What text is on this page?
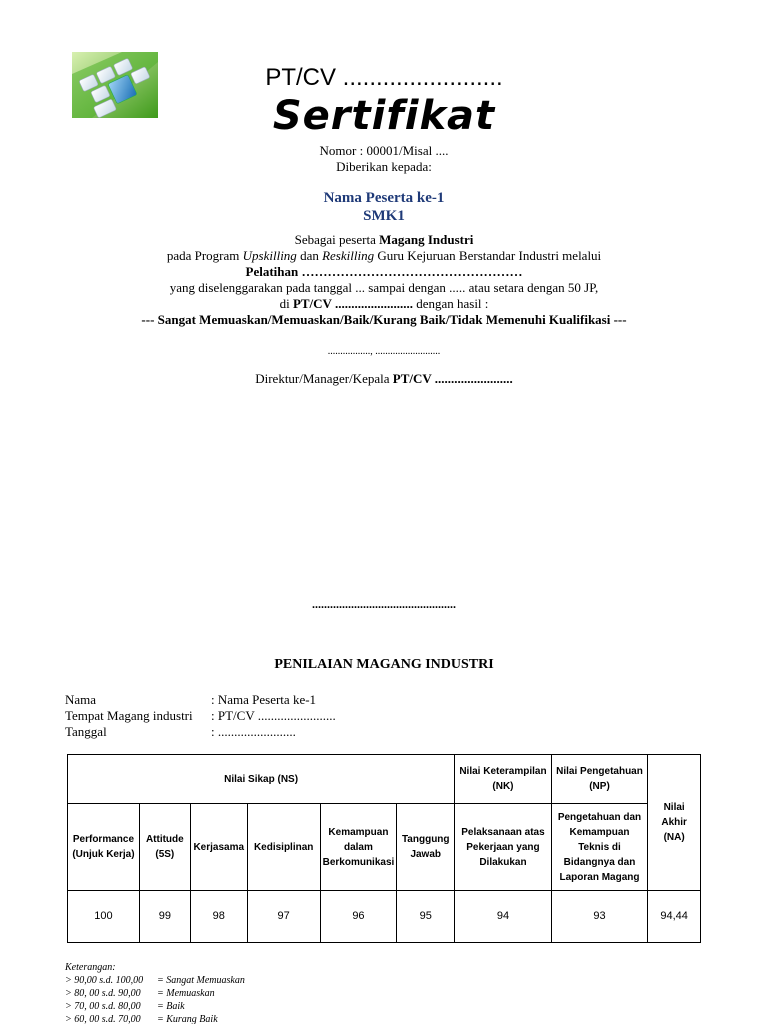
PT/CV ........................
Sertifikat
Nomor : 00001/Misal ....
Diberikan kepada:
Nama Peserta ke-1
SMK1
Sebagai peserta Magang Industri
pada Program Upskilling dan Reskilling Guru Kejuruan Berstandar Industri melalui
Pelatihan ……………………………………………
yang diselenggarakan pada tanggal ... sampai dengan ..... atau setara dengan 50 JP,
di PT/CV ........................ dengan hasil :
--- Sangat Memuaskan/Memuaskan/Baik/Kurang Baik/Tidak Memenuhi Kualifikasi ---
................., ..........................
Direktur/Manager/Kepala PT/CV ........................
................................................
PENILAIAN MAGANG INDUSTRI
Nama	: Nama Peserta ke-1
Tempat Magang industri : PT/CV ........................
Tanggal	: ........................
Nilai Sikap (NS)						Nilai Keterampilan (NK)	Nilai Pengetahuan (NP)	Nilai Akhir (NA)
Performance (Unjuk Kerja)	Attitude (5S)	Kerjasama	Kedisiplinan	Kemampuan dalam Berkomunikasi	Tanggung Jawab	Pelaksanaan atas Pekerjaan yang Dilakukan	Pengetahuan dan Kemampuan Teknis di Bidangnya dan Laporan Magang	
100	99	98	97	96	95	94	93	94,44
Keterangan:
> 90,00 s.d. 100,00 = Sangat Memuaskan
> 80, 00 s.d. 90,00 = Memuaskan
> 70, 00 s.d. 80,00 = Baik
> 60, 00 s.d. 70,00 = Kurang Baik
